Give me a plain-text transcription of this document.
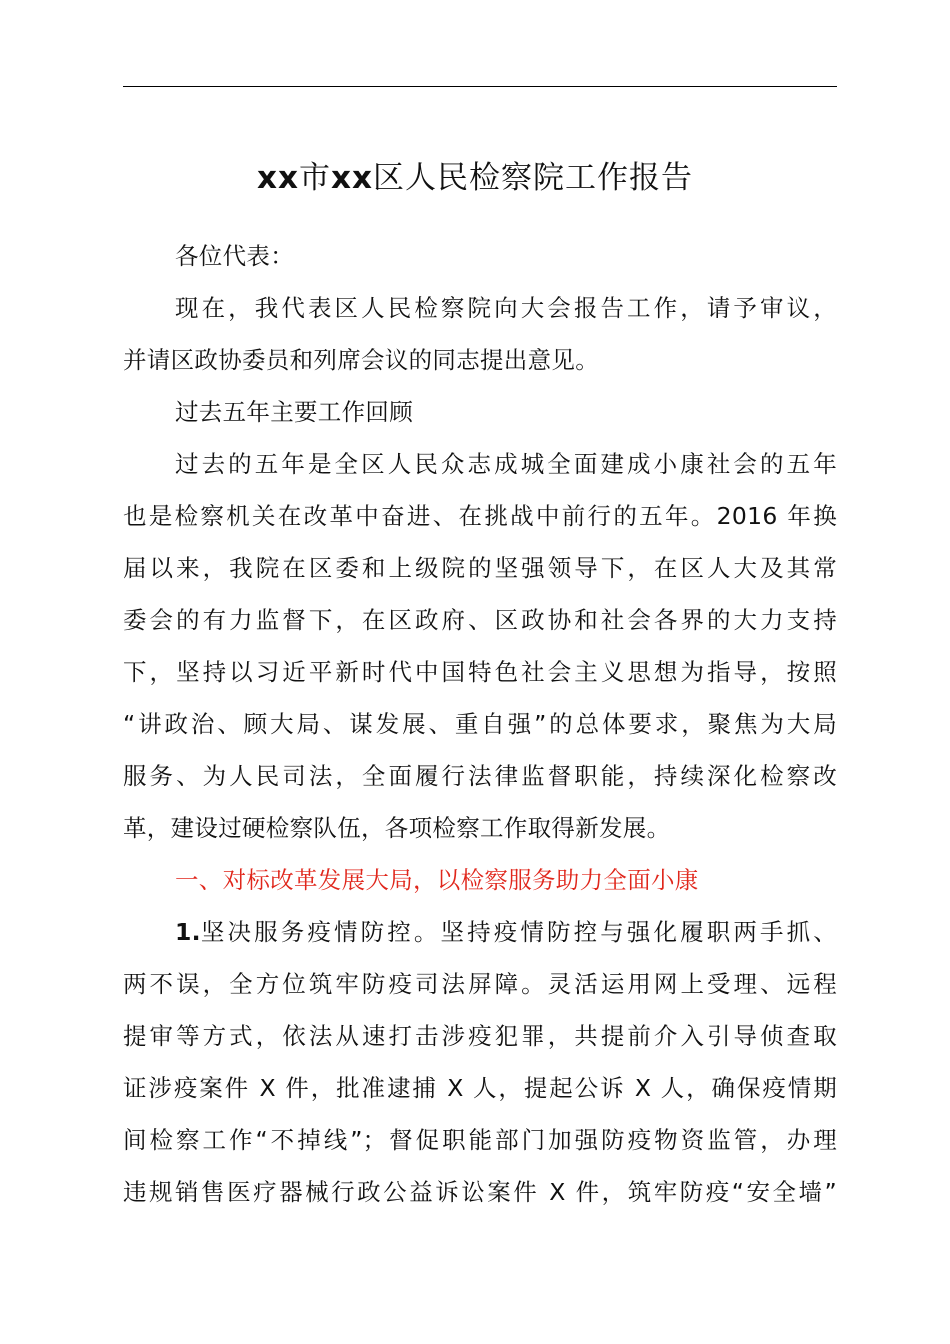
xx市xx区人民检察院工作报告
各位代表：
现在，我代表区人民检察院向大会报告工作，请予审议，
并请区政协委员和列席会议的同志提出意见。
过去五年主要工作回顾
过去的五年是全区人民众志成城全面建成小康社会的五年
也是检察机关在改革中奋进、在挑战中前行的五年。2016 年换
届以来，我院在区委和上级院的坚强领导下，在区人大及其常
委会的有力监督下，在区政府、区政协和社会各界的大力支持
下，坚持以习近平新时代中国特色社会主义思想为指导，按照
“讲政治、顾大局、谋发展、重自强”的总体要求，聚焦为大局
服务、为人民司法，全面履行法律监督职能，持续深化检察改
革，建设过硬检察队伍，各项检察工作取得新发展。
一、对标改革发展大局，以检察服务助力全面小康
1. 坚决服务疫情防控。坚持疫情防控与强化履职两手抓、
两不误，全方位筑牢防疫司法屏障。灵活运用网上受理、远程
提审等方式，依法从速打击涉疫犯罪，共提前介入引导侦查取
证涉疫案件 X 件，批准逮捕 X 人，提起公诉 X 人，确保疫情期
间检察工作“不掉线”；督促职能部门加强防疫物资监管，办理
违规销售医疗器械行政公益诉讼案件 X 件，筑牢防疫“安全墙”
